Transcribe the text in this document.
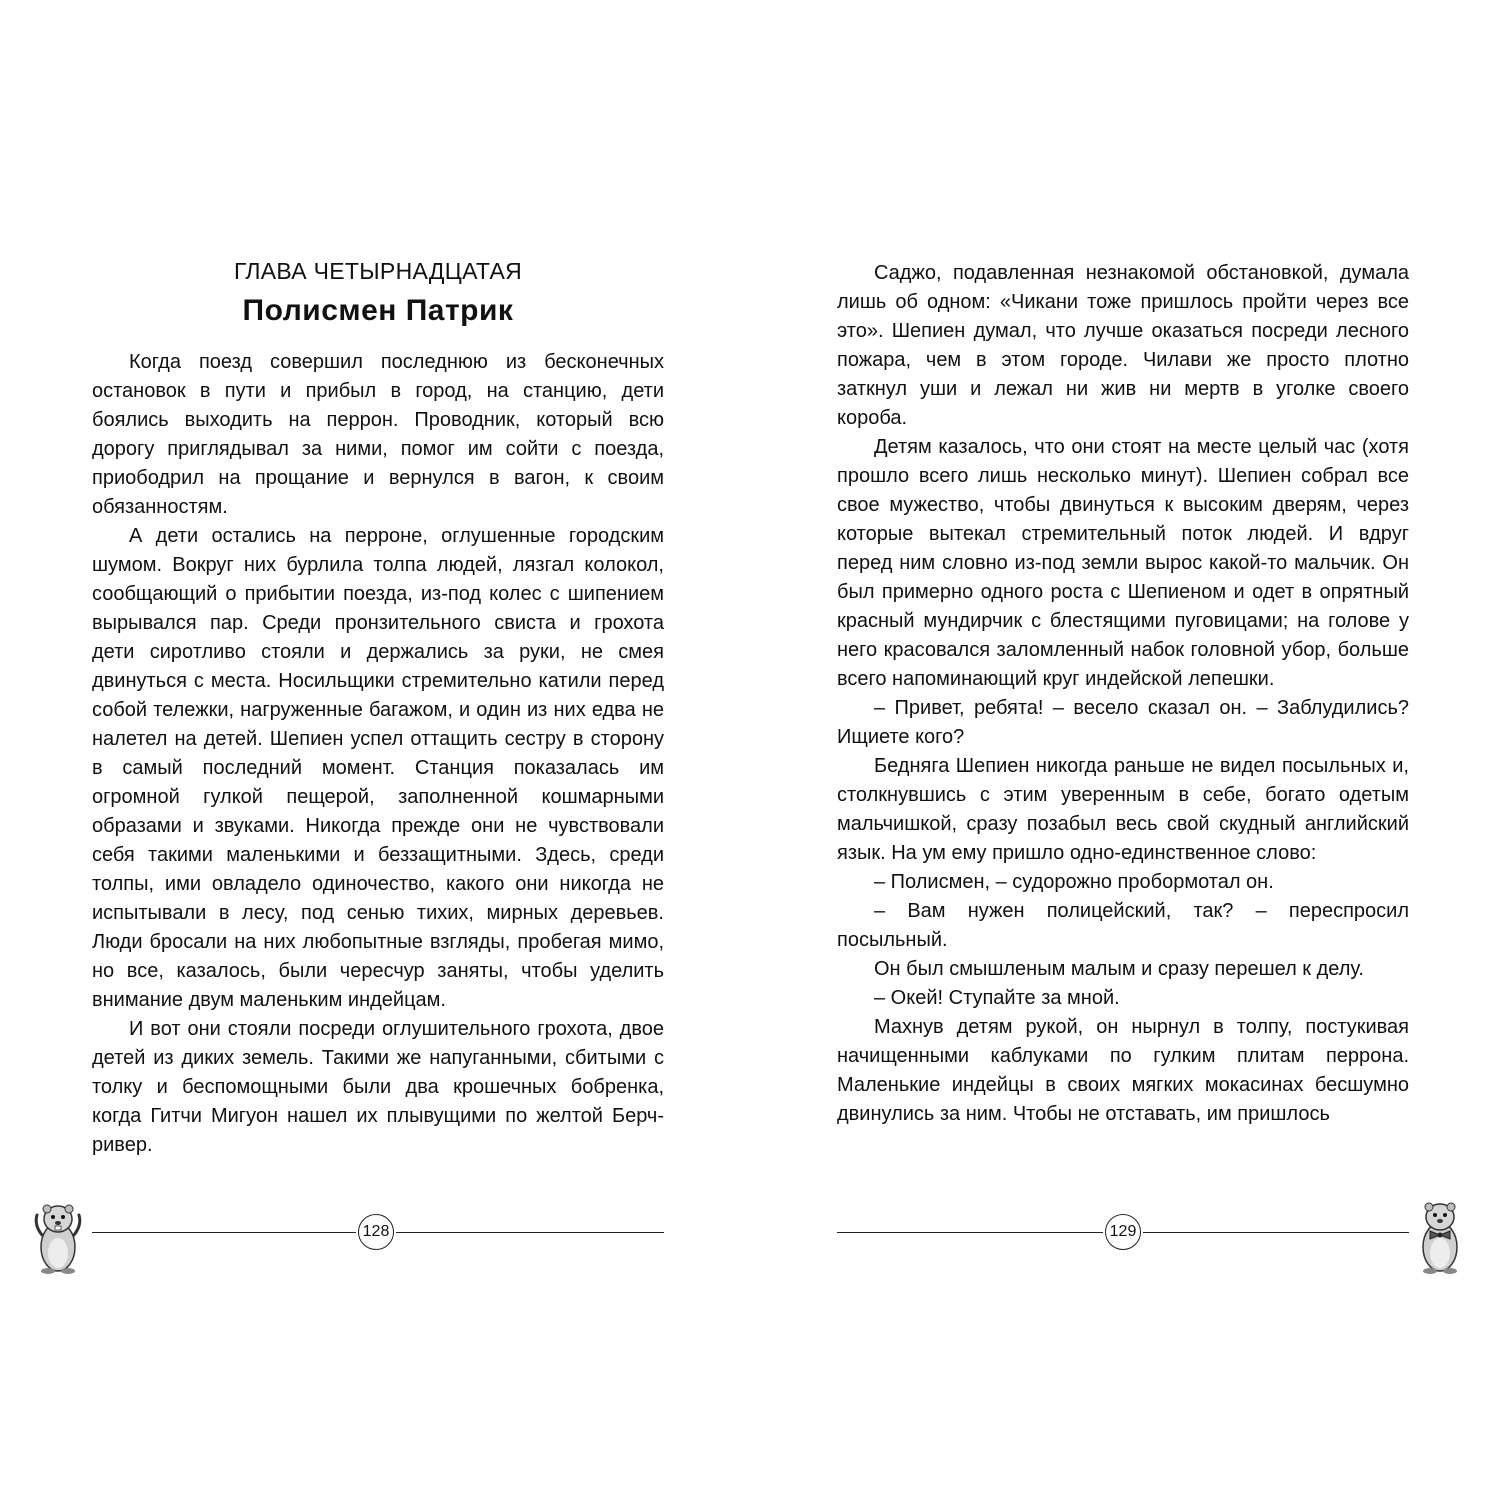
ГЛАВА ЧЕТЫРНАДЦАТАЯ
Полисмен Патрик

Когда поезд совершил последнюю из бесконечных остановок в пути и прибыл в город, на станцию, дети боялись выходить на перрон. Проводник, который всю дорогу приглядывал за ними, помог им сойти с поезда, приободрил на прощание и вернулся в вагон, к своим обязанностям.

А дети остались на перроне, оглушенные городским шумом. Вокруг них бурлила толпа людей, лязгал колокол, сообщающий о прибытии поезда, из-под колес с шипением вырывался пар. Среди пронзительного свиста и грохота дети сиротливо стояли и держались за руки, не смея двинуться с места. Носильщики стремительно катили перед собой тележки, нагруженные багажом, и один из них едва не налетел на детей. Шепиен успел оттащить сестру в сторону в самый последний момент. Станция показалась им огромной гулкой пещерой, заполненной кошмарными образами и звуками. Никогда прежде они не чувствовали себя такими маленькими и беззащитными. Здесь, среди толпы, ими овладело одиночество, какого они никогда не испытывали в лесу, под сенью тихих, мирных деревьев. Люди бросали на них любопытные взгляды, пробегая мимо, но все, казалось, были чересчур заняты, чтобы уделить внимание двум маленьким индейцам.

И вот они стояли посреди оглушительного грохота, двое детей из диких земель. Такими же напуганными, сбитыми с толку и беспомощными были два крошечных бобренка, когда Гитчи Мигуон нашел их плывущими по желтой Берч-ривер.

128

Саджо, подавленная незнакомой обстановкой, думала лишь об одном: «Чикани тоже пришлось пройти через все это». Шепиен думал, что лучше оказаться посреди лесного пожара, чем в этом городе. Чилави же просто плотно заткнул уши и лежал ни жив ни мертв в уголке своего короба.

Детям казалось, что они стоят на месте целый час (хотя прошло всего лишь несколько минут). Шепиен собрал все свое мужество, чтобы двинуться к высоким дверям, через которые вытекал стремительный поток людей. И вдруг перед ним словно из-под земли вырос какой-то мальчик. Он был примерно одного роста с Шепиеном и одет в опрятный красный мундирчик с блестящими пуговицами; на голове у него красовался заломленный набок головной убор, больше всего напоминающий круг индейской лепешки.

– Привет, ребята! – весело сказал он. – Заблудились? Ищиете кого?

Бедняга Шепиен никогда раньше не видел посыльных и, столкнувшись с этим уверенным в себе, богато одетым мальчишкой, сразу позабыл весь свой скудный английский язык. На ум ему пришло одно-единственное слово:

– Полисмен, – судорожно пробормотал он.

– Вам нужен полицейский, так? – переспросил посыльный.

Он был смышленым малым и сразу перешел к делу.

– Окей! Ступайте за мной.

Махнув детям рукой, он нырнул в толпу, постукивая начищенными каблуками по гулким плитам перрона. Маленькие индейцы в своих мягких мокасинах бесшумно двинулись за ним. Чтобы не отставать, им пришлось

129
